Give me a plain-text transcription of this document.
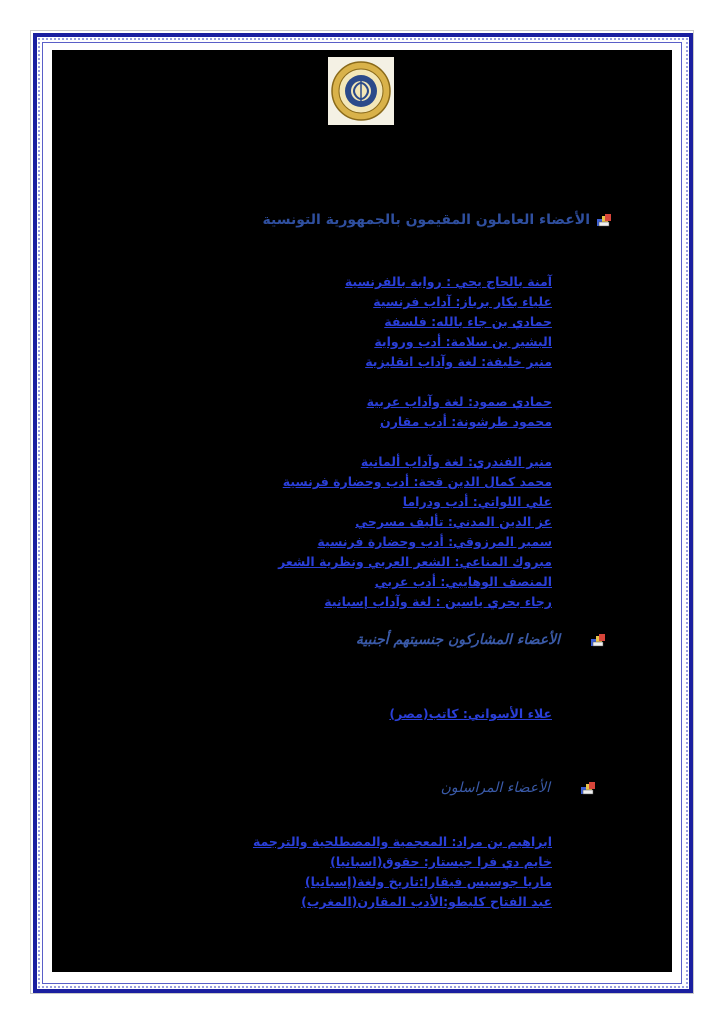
الأعضاء العاملون المقيمون بالجمهورية التونسية
آمنة بالحاج يحي : رواية بالفرنسية
علياء بكار برباز: آداب فرنسية
حمادي بن جاء بالله: فلسفة
البشير بن سلامة: أدب ورواية
منير خليفة: لغة وآداب انقليزية
حمادي صمود: لغة وآداب عربية
محمود طرشونة: أدب مقارن
منير الفندري: لغة وآداب ألمانية
محمد كمال الدين قحة: أدب وحضارة فرنسية
علي اللواتي: أدب ودراما
عز الدين المدني: تأليف مسرحي
سمير المرزوقي: أدب وحضارة فرنسية
مبروك المناعي: الشعر العربي ونظرية الشعر
المنصف الوهايبي: أدب عربي
رجاء بحري ياسين : لغة وآداب إسبانية
الأعضاء المشاركون جنسيتهم أجنبية
علاء الأسواني: كاتب(مصر)
الأعضاء المراسلون
ابراهيم بن مراد: المعجمية والمصطلحية والترجمة
خايم دي فرا جيستار: حقوق(اسبانيا)
ماريا جوسيس فيقارا:تاريخ ولغة(إسبانيا)
عبد الفتاح كليطو:الأدب المقارن(المغرب)
